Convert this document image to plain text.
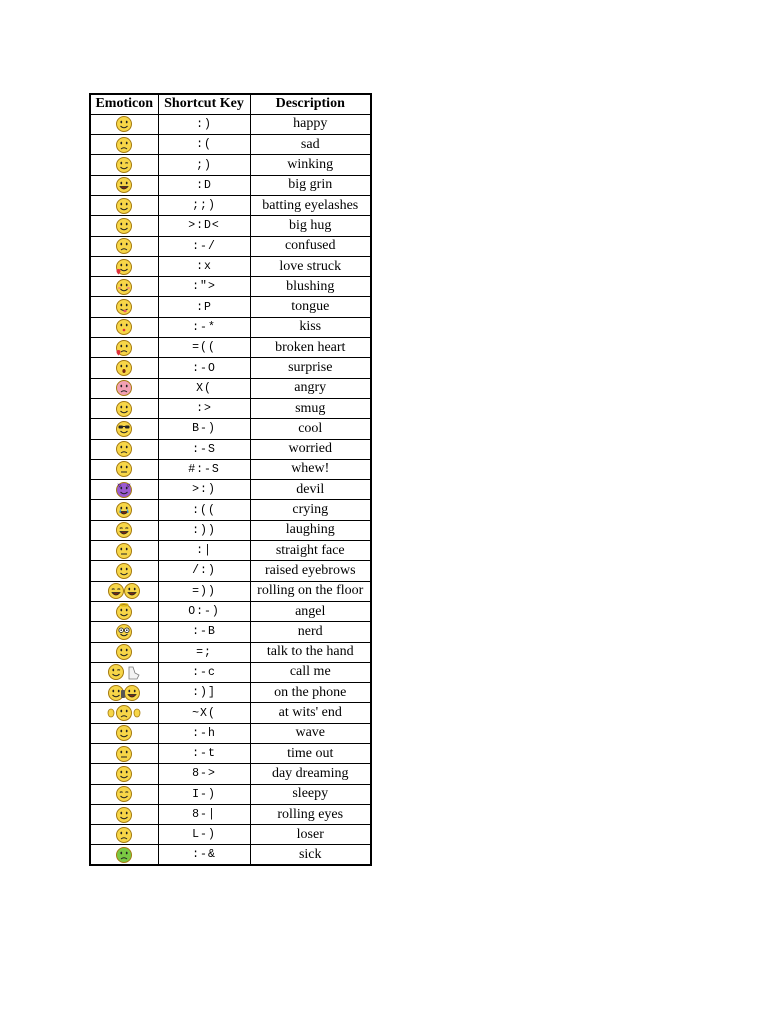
Emoticon	Shortcut Key	Description
	:)	happy
	:(	sad
	;)	winking
	:D	big grin
	;;)	batting eyelashes
	>:D<	big hug
	:-/	confused
	:x	love struck
	:">	blushing
	:P	tongue
	:-*	kiss
	=((	broken heart
	:-O	surprise
	X(	angry
	:>	smug
	B-)	cool
	:-S	worried
	#:-S	whew!
	>:)	devil
	:((	crying
	:))	laughing
	:|	straight face
	/:)	raised eyebrows
	=))	rolling on the floor
	O:-)	angel
	:-B	nerd
	=;	talk to the hand
	:-c	call me
	:)]	on the phone
	~X(	at wits' end
	:-h	wave
	:-t	time out
	8->	day dreaming
	I-)	sleepy
	8-|	rolling eyes
	L-)	loser
	:-&	sick
